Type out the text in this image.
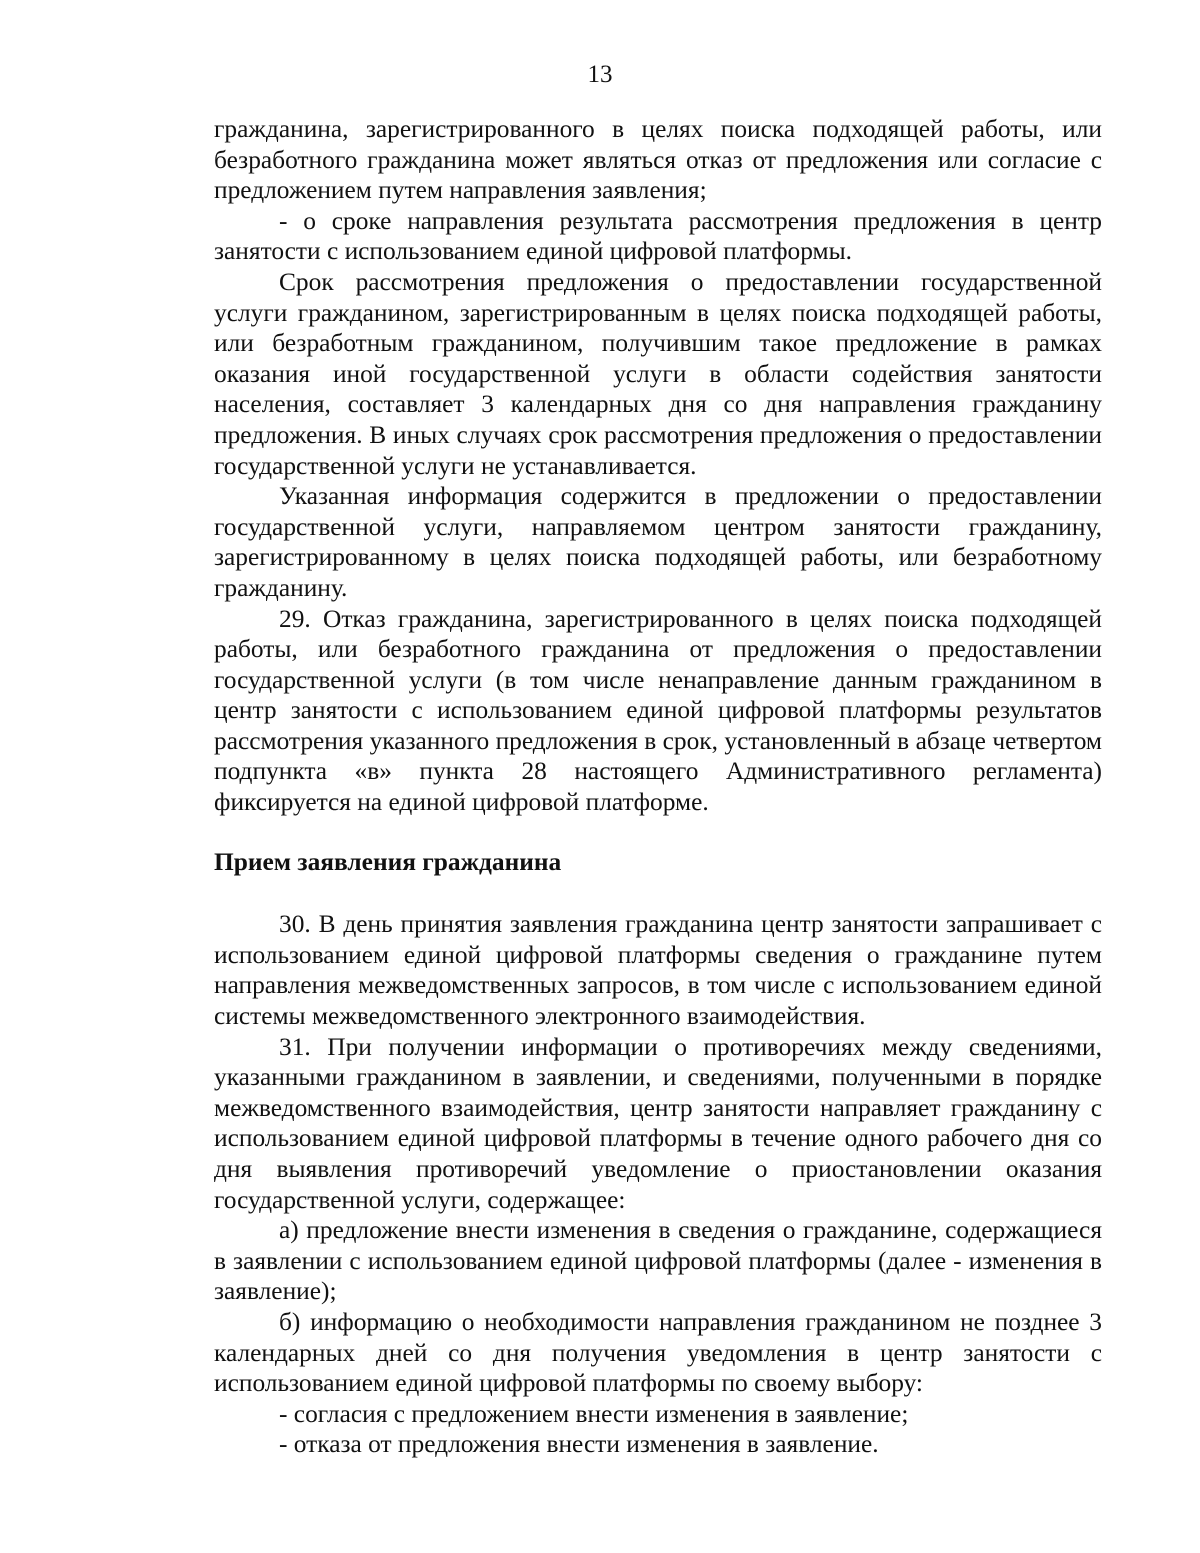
13

гражданина, зарегистрированного в целях поиска подходящей работы, или безработного гражданина может являться отказ от предложения или согласие с предложением путем направления заявления;

- о сроке направления результата рассмотрения предложения в центр занятости с использованием единой цифровой платформы.

Срок рассмотрения предложения о предоставлении государственной услуги гражданином, зарегистрированным в целях поиска подходящей работы, или безработным гражданином, получившим такое предложение в рамках оказания иной государственной услуги в области содействия занятости населения, составляет 3 календарных дня со дня направления гражданину предложения. В иных случаях срок рассмотрения предложения о предоставлении государственной услуги не устанавливается.

Указанная информация содержится в предложении о предоставлении государственной услуги, направляемом центром занятости гражданину, зарегистрированному в целях поиска подходящей работы, или безработному гражданину.

29. Отказ гражданина, зарегистрированного в целях поиска подходящей работы, или безработного гражданина от предложения о предоставлении государственной услуги (в том числе ненаправление данным гражданином в центр занятости с использованием единой цифровой платформы результатов рассмотрения указанного предложения в срок, установленный в абзаце четвертом подпункта «в» пункта 28 настоящего Административного регламента) фиксируется на единой цифровой платформе.

Прием заявления гражданина

30. В день принятия заявления гражданина центр занятости запрашивает с использованием единой цифровой платформы сведения о гражданине путем направления межведомственных запросов, в том числе с использованием единой системы межведомственного электронного взаимодействия.

31. При получении информации о противоречиях между сведениями, указанными гражданином в заявлении, и сведениями, полученными в порядке межведомственного взаимодействия, центр занятости направляет гражданину с использованием единой цифровой платформы в течение одного рабочего дня со дня выявления противоречий уведомление о приостановлении оказания государственной услуги, содержащее:

а) предложение внести изменения в сведения о гражданине, содержащиеся в заявлении с использованием единой цифровой платформы (далее - изменения в заявление);

б) информацию о необходимости направления гражданином не позднее 3 календарных дней со дня получения уведомления в центр занятости с использованием единой цифровой платформы по своему выбору:

- согласия с предложением внести изменения в заявление;

- отказа от предложения внести изменения в заявление.
